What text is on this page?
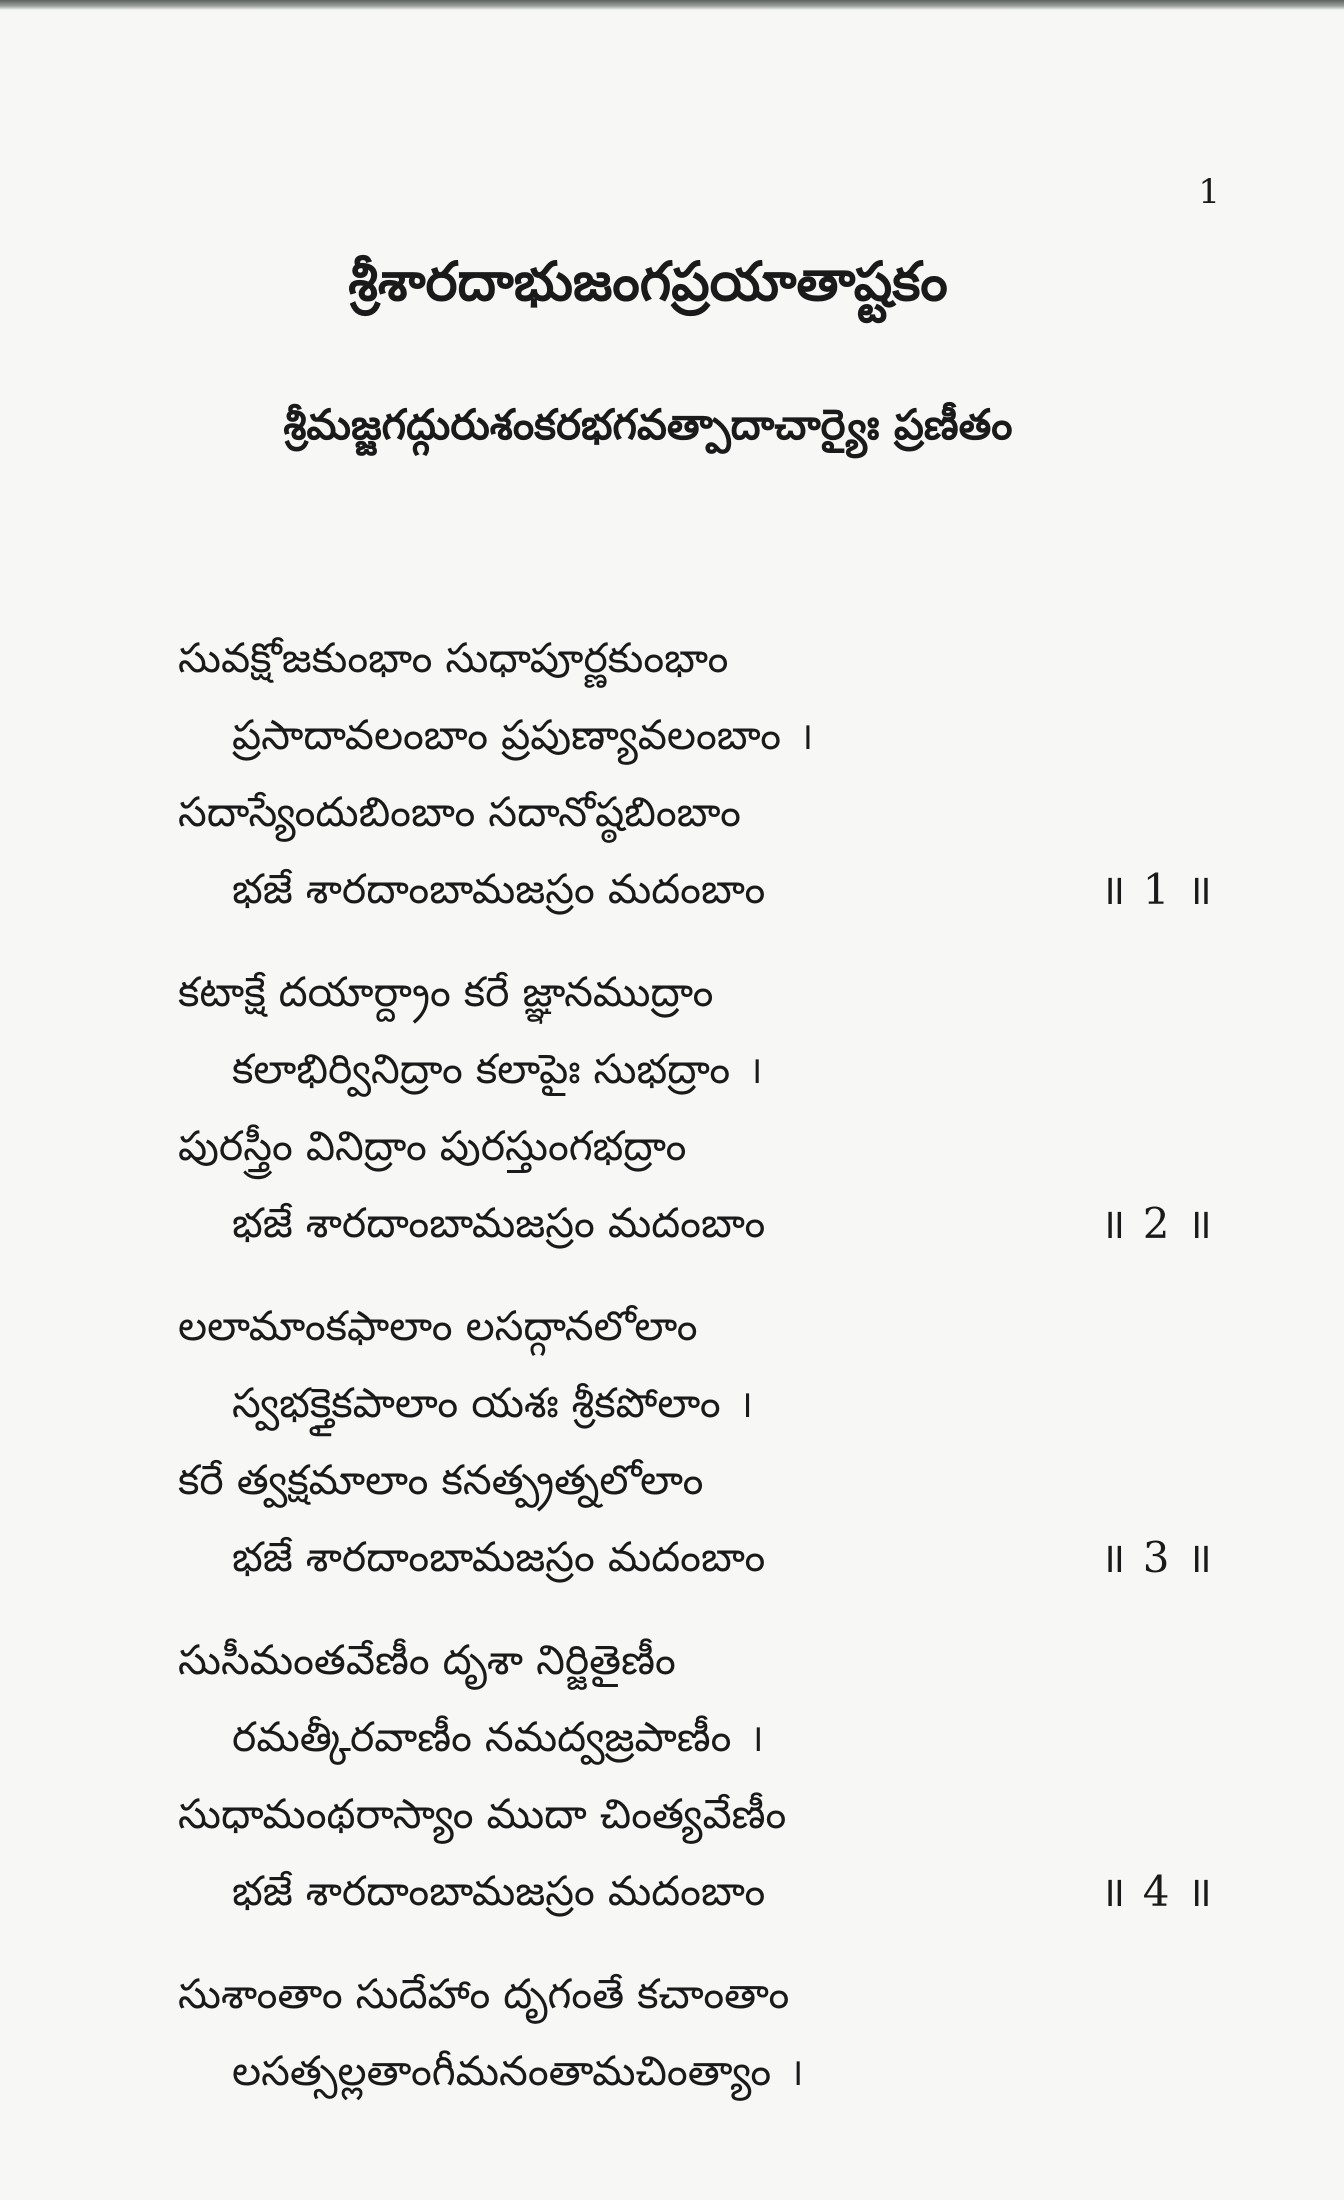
1
శ్రీశారదాభుజంగప్రయాతాష్టకం
శ్రీమజ్జగద్గురుశంకరభగవత్పాదాచార్యైః ప్రణీతం
సువక్షోజకుంభాం సుధాపూర్ణకుంభాం
ప్రసాదావలంబాం ప్రపుణ్యావలంబాం ।
సదాస్యేందుబింబాం సదానోష్ఠబింబాం
భజే శారదాంబామజస్రం మదంబాం	॥ 1 ॥
కటాక్షే దయార్ద్రాం కరే జ్ఞానముద్రాం
కలాభిర్వినిద్రాం కలాపైః సుభద్రాం ।
పురస్త్రీం వినిద్రాం పురస్తుంగభద్రాం
భజే శారదాంబామజస్రం మదంబాం	॥ 2 ॥
లలామాంకఫాలాం లసద్గానలోలాం
స్వభక్తైకపాలాం యశః శ్రీకపోలాం ।
కరే త్వక్షమాలాం కనత్ప్రత్నలోలాం
భజే శారదాంబామజస్రం మదంబాం	॥ 3 ॥
సుసీమంతవేణీం దృశా నిర్జితైణీం
రమత్కీరవాణీం నమద్వజ్రపాణీం ।
సుధామంథరాస్యాం ముదా చింత్యవేణీం
భజే శారదాంబామజస్రం మదంబాం	॥ 4 ॥
సుశాంతాం సుదేహాం దృగంతే కచాంతాం
లసత్సల్లతాంగీమనంతామచింత్యాం ।
